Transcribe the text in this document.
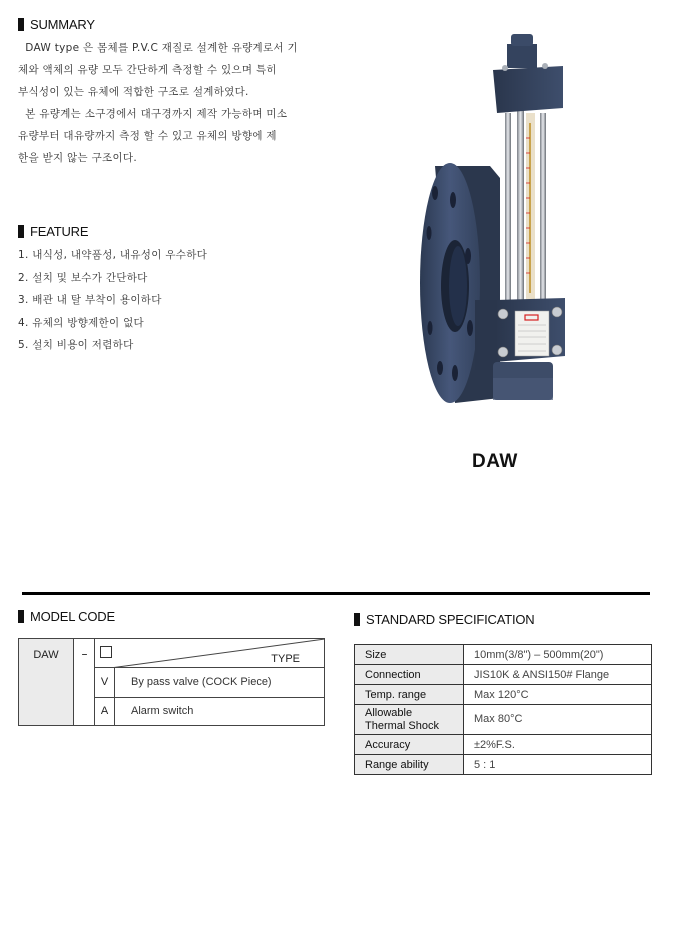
SUMMARY

DAW type 은 몸체를 P.V.C 재질로 설계한 유량계로서 기

체와 액체의 유량 모두 간단하게 측정할 수 있으며 특히

부식성이 있는 유체에 적합한 구조로 설계하였다.

본 유량계는 소구경에서 대구경까지 제작 가능하며 미소

유량부터 대유량까지 측정 할 수 있고 유체의 방향에 제

한을 받지 않는 구조이다.

FEATURE
1. 내식성, 내약품성, 내유성이 우수하다
2. 설치 및 보수가 간단하다
3. 배관 내 탈 부착이 용이하다
4. 유체의 방향제한이 없다
5. 설치 비용이 저렴하다
DAW
MODEL CODE
DAW	–	TYPE
V	By pass valve (COCK Piece)
A	Alarm switch
STANDARD SPECIFICATION
Size	10mm(3/8") – 500mm(20")
Connection	JIS10K & ANSI150# Flange
Temp. range	Max 120°C

Allowable
Thermal Shock	Max 80°C
Accuracy	±2%F.S.
Range ability	5 : 1
